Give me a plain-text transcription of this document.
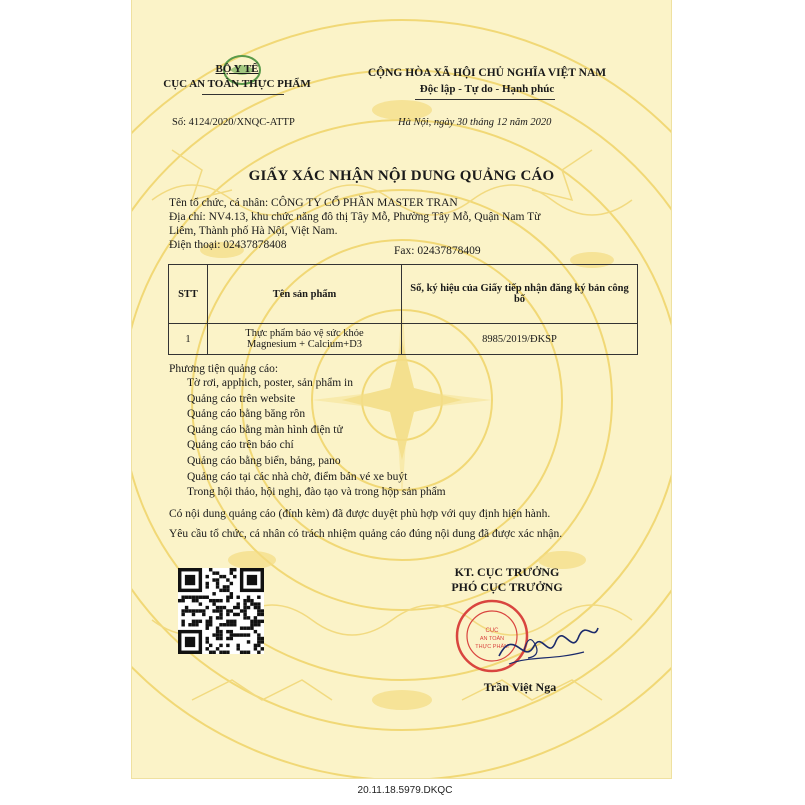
BỘ Y TẾ
CỤC AN TOÀN THỰC PHẨM
CỘNG HÒA XÃ HỘI CHỦ NGHĨA VIỆT NAM
Độc lập - Tự do - Hạnh phúc
Số: 4124/2020/XNQC-ATTP	Hà Nội, ngày 30 tháng 12 năm 2020
GIẤY XÁC NHẬN NỘI DUNG QUẢNG CÁO
Tên tổ chức, cá nhân: CÔNG TY CỔ PHẦN MASTER TRAN
Địa chỉ: NV4.13, khu chức năng đô thị Tây Mỗ, Phường Tây Mỗ, Quận Nam Từ
Liêm, Thành phố Hà Nội, Việt Nam.
Điện thoại: 02437878408	Fax: 02437878409
STT	Tên sản phẩm	Số, ký hiệu của Giấy tiếp nhận đăng ký bản công bố
1	Thực phẩm bảo vệ sức khỏe
Magnesium + Calcium+D3	8985/2019/ĐKSP
Phương tiện quảng cáo:
Tờ rơi, apphich, poster, sản phẩm in
Quảng cáo trên website
Quảng cáo bằng băng rôn
Quảng cáo bằng màn hình điện tử
Quảng cáo trên báo chí
Quảng cáo bằng biển, bảng, pano
Quảng cáo tại các nhà chờ, điểm bán vé xe buýt
Trong hội thảo, hội nghị, đào tạo và trong hộp sản phẩm
Có nội dung quảng cáo (đính kèm) đã được duyệt phù hợp với quy định hiện hành.
Yêu cầu tổ chức, cá nhân có trách nhiệm quảng cáo đúng nội dung đã được xác nhận.
KT. CỤC TRƯỞNG
PHÓ CỤC TRƯỞNG
CỤC
AN TOÀN
THỰC PHẨM
Trần Việt Nga
20.11.18.5979.DKQC
